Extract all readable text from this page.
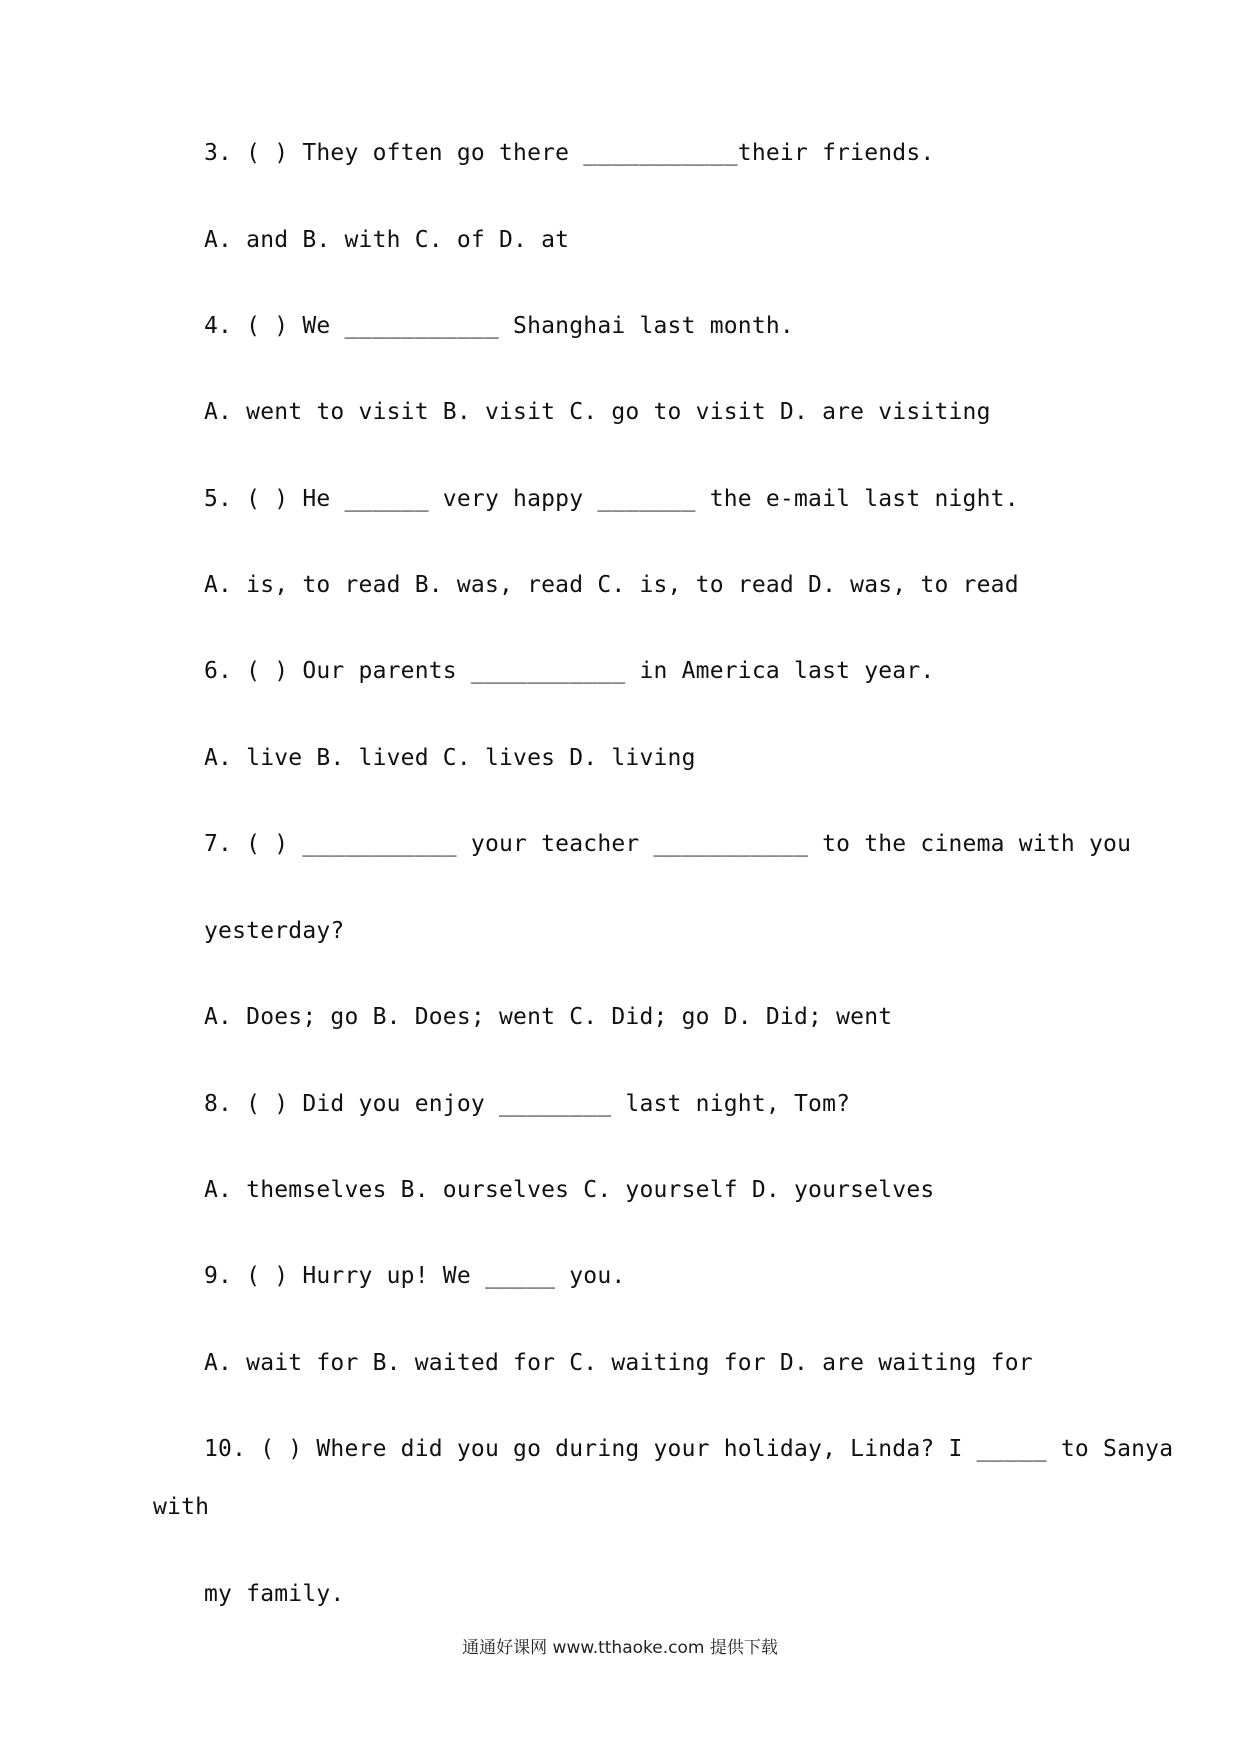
3. ( ) They often go there ___________their friends.
A. and B. with C. of D. at
4. ( ) We ___________ Shanghai last month.
A. went to visit B. visit C. go to visit D. are visiting
5. ( ) He ______ very happy _______ the e-mail last night.
A. is, to read B. was, read C. is, to read D. was, to read
6. ( ) Our parents ___________ in America last year.
A. live B. lived C. lives D. living
7. ( ) ___________ your teacher ___________ to the cinema with you
yesterday?
A. Does; go B. Does; went C. Did; go D. Did; went
8. ( ) Did you enjoy ________ last night, Tom?
A. themselves B. ourselves C. yourself D. yourselves
9. ( ) Hurry up! We _____ you.
A. wait for B. waited for C. waiting for D. are waiting for
10. ( ) Where did you go during your holiday, Linda? I _____ to Sanya
with
my family.
通通好课网 www.tthaoke.com 提供下载
